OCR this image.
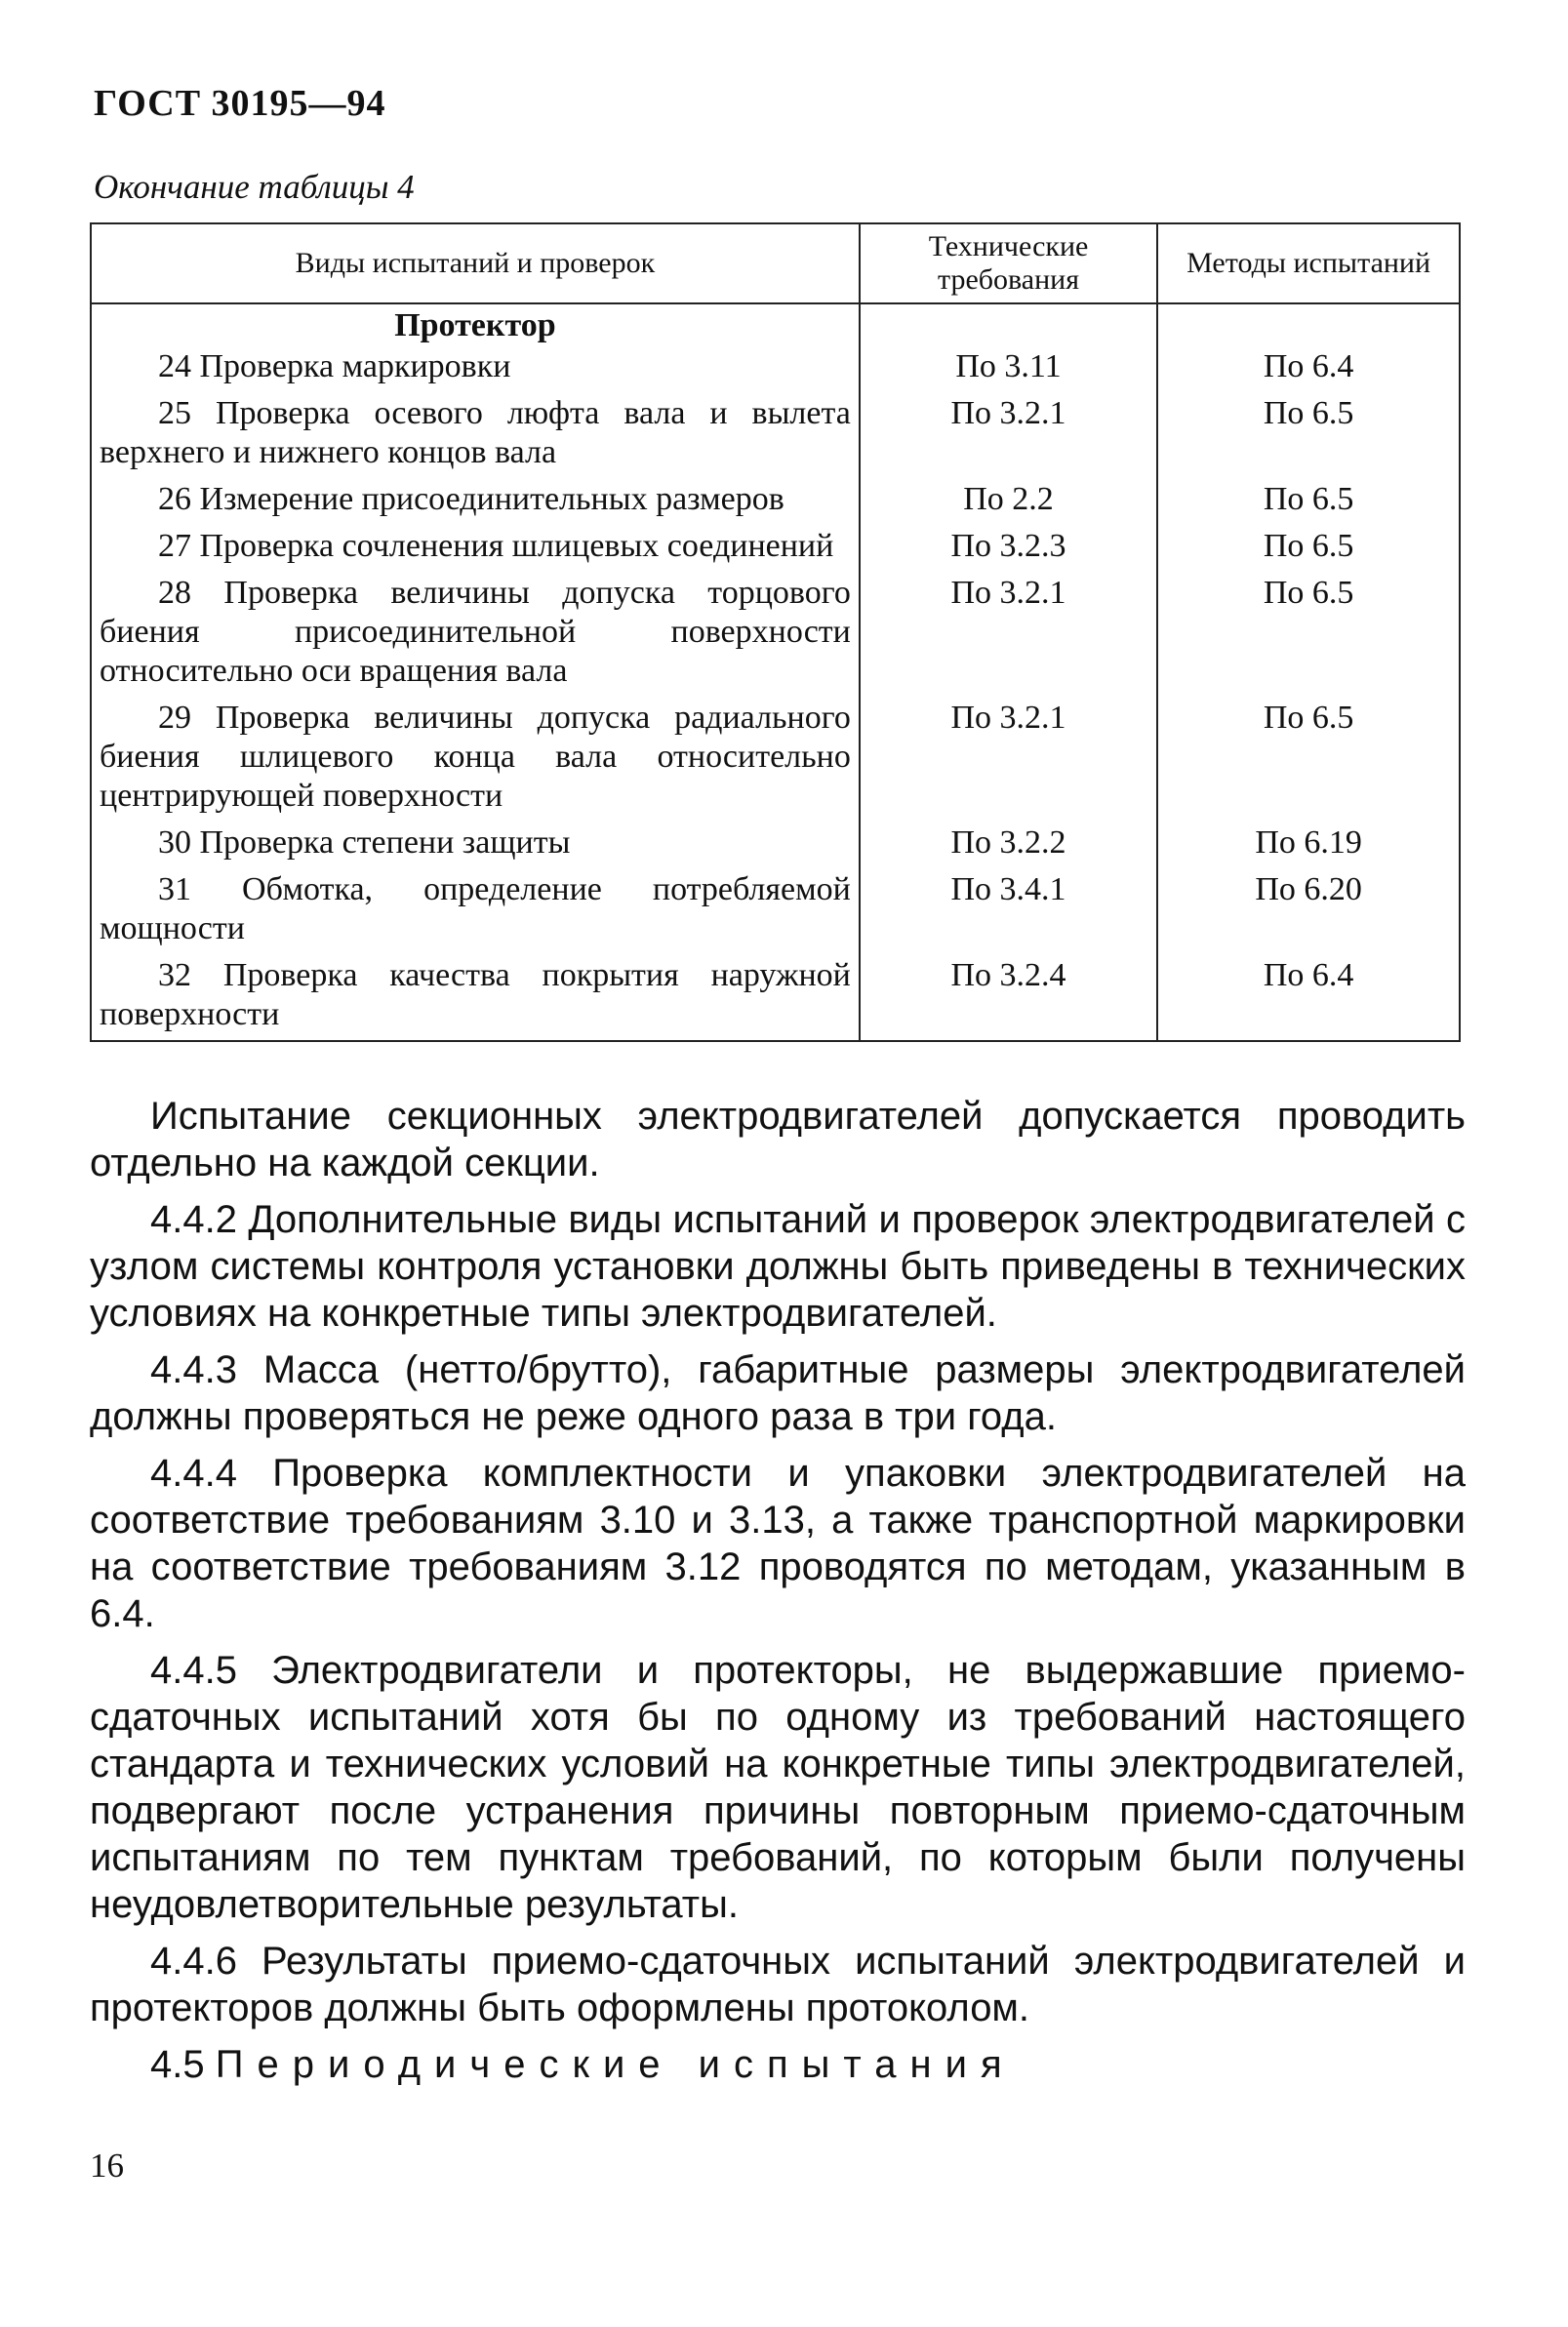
ГОСТ 30195—94
Окончание таблицы 4
Виды испытаний и проверок	Технические требования	Методы испытаний
Протектор		
24 Проверка маркировки	По 3.11	По 6.4
25 Проверка осевого люфта вала и вылета верхнего и нижнего концов вала	По 3.2.1	По 6.5
26 Измерение присоединительных размеров	По 2.2	По 6.5
27 Проверка сочленения шлицевых соединений	По 3.2.3	По 6.5
28 Проверка величины допуска торцового биения присоединительной поверхности относительно оси вращения вала	По 3.2.1	По 6.5
29 Проверка величины допуска радиального биения шлицевого конца вала относительно центрирующей поверхности	По 3.2.1	По 6.5
30 Проверка степени защиты	По 3.2.2	По 6.19
31 Обмотка, определение потребляемой мощности	По 3.4.1	По 6.20
32 Проверка качества покрытия наружной поверхности	По 3.2.4	По 6.4

Испытание секционных электродвигателей допускается проводить отдельно на каждой секции.

4.4.2 Дополнительные виды испытаний и проверок электродвигателей с узлом системы контроля установки должны быть приведены в технических условиях на конкретные типы электродвигателей.

4.4.3 Масса (нетто/брутто), габаритные размеры электродвигателей должны проверяться не реже одного раза в три года.

4.4.4 Проверка комплектности и упаковки электродвигателей на соответствие требованиям 3.10 и 3.13, а также транспортной маркировки на соответствие требованиям 3.12 проводятся по методам, указанным в 6.4.

4.4.5 Электродвигатели и протекторы, не выдержавшие приемо-сдаточных испытаний хотя бы по одному из требований настоящего стандарта и технических условий на конкретные типы электродвигателей, подвергают после устранения причины повторным приемо-сдаточным испытаниям по тем пунктам требований, по которым были получены неудовлетворительные результаты.

4.4.6 Результаты приемо-сдаточных испытаний электродвигателей и протекторов должны быть оформлены протоколом.

4.5 Периодические испытания

16
